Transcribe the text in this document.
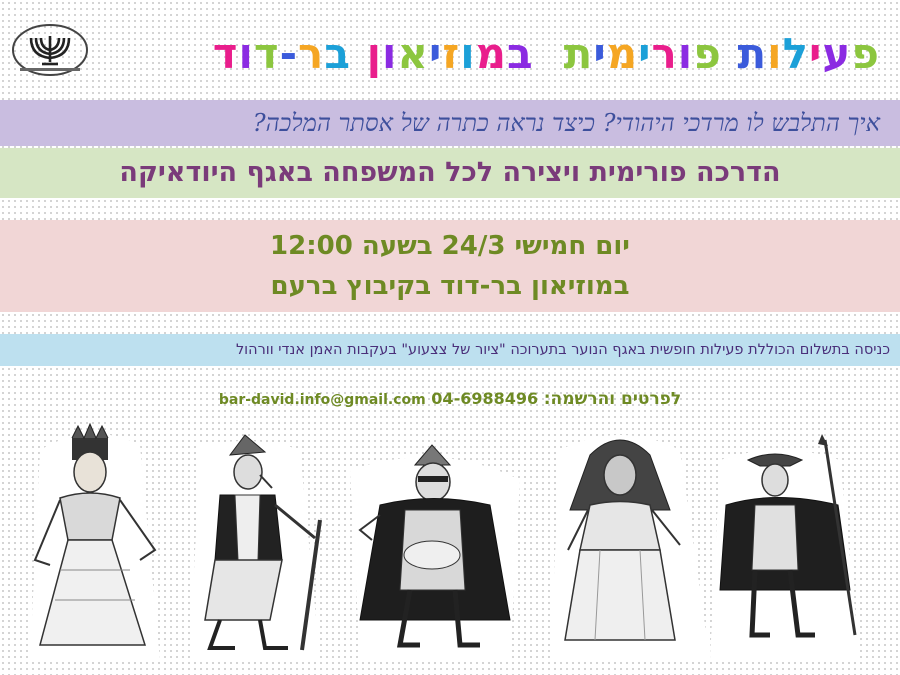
פעילות פורימיתבמוזיאון בר-דוד
איך התלבש לו מרדכי היהודי? כיצד נראה כתרה של אסתר המלכה?
הדרכה פורימית ויצירה לכל המשפחה באגף היודאיקה
יום חמישי 24/3 בשעה 12:00
במוזיאון בר-דוד בקיבוץ ברעם
כניסה בתשלום הכוללת פעילות חופשית באגף הנוער בתערוכה "ציור של צצעוע" בעקבות האמן אנדי וורהול
לפרטים והרשמה: 04-6988496 bar-david.info@gmail.com
